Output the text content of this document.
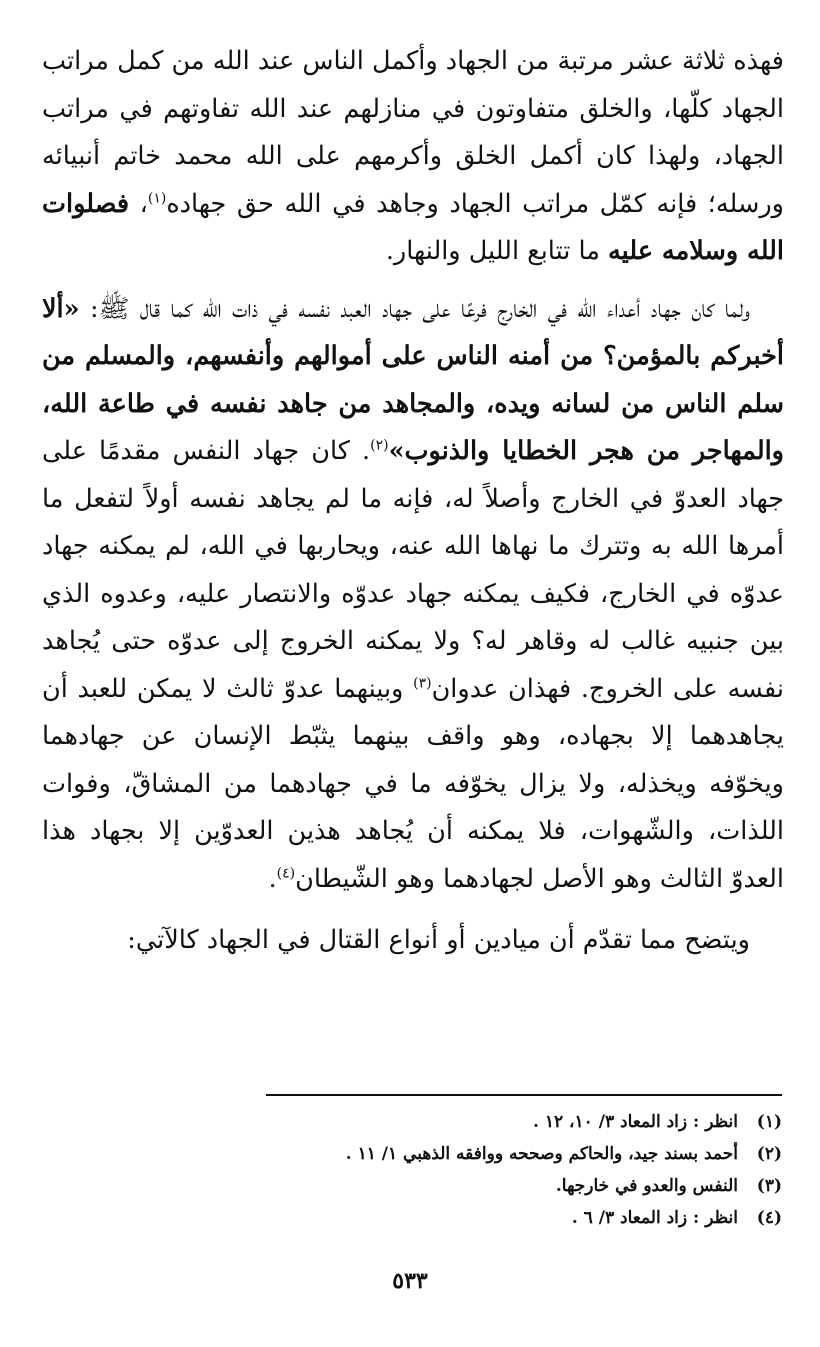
فهذه ثلاثة عشر مرتبة من الجهاد وأكمل الناس عند الله من كمل مراتب الجهاد كلّها، والخلق متفاوتون في منازلهم عند الله تفاوتهم في مراتب الجهاد، ولهذا كان أكمل الخلق وأكرمهم على الله محمد خاتم أنبيائه ورسله؛ فإنه كمّل مراتب الجهاد وجاهد في الله حق جهاده$^{(١)}$، فصلوات الله وسلامه عليه ما تتابع الليل والنهار.

ولما كان جهاد أعداء الله في الخارج فرعًا على جهاد العبد نفسه في ذات الله كما قال ﷺ: «ألا أخبركم بالمؤمن؟ من أمنه الناس على أموالهم وأنفسهم، والمسلم من سلم الناس من لسانه ويده، والمجاهد من جاهد نفسه في طاعة الله، والمهاجر من هجر الخطايا والذنوب»$^{(٢)}$. كان جهاد النفس مقدمًا على جهاد العدوّ في الخارج وأصلاً له، فإنه ما لم يجاهد نفسه أولاً لتفعل ما أمرها الله به وتترك ما نهاها الله عنه، ويحاربها في الله، لم يمكنه جهاد عدوّه في الخارج، فكيف يمكنه جهاد عدوّه والانتصار عليه، وعدوه الذي بين جنبيه غالب له وقاهر له؟ ولا يمكنه الخروج إلى عدوّه حتى يُجاهد نفسه على الخروج. فهذان عدوان$^{(٣)}$ وبينهما عدوّ ثالث لا يمكن للعبد أن يجاهدهما إلا بجهاده، وهو واقف بينهما يثبّط الإنسان عن جهادهما ويخوّفه ويخذله، ولا يزال يخوّفه ما في جهادهما من المشاقّ، وفوات اللذات، والشّهوات، فلا يمكنه أن يُجاهد هذين العدوّين إلا بجهاد هذا العدوّ الثالث وهو الأصل لجهادهما وهو الشّيطان$^{(٤)}$.

ويتضح مما تقدّم أن ميادين أو أنواع القتال في الجهاد كالآتي:

(١)انظر : زاد المعاد ٣/ ١٠، ١٢ .
(٢)أحمد بسند جيد، والحاكم وصححه ووافقه الذهبي ١/ ١١ .
(٣)النفس والعدو في خارجها.
(٤)انظر : زاد المعاد ٣/ ٦ .
٥٣٣
